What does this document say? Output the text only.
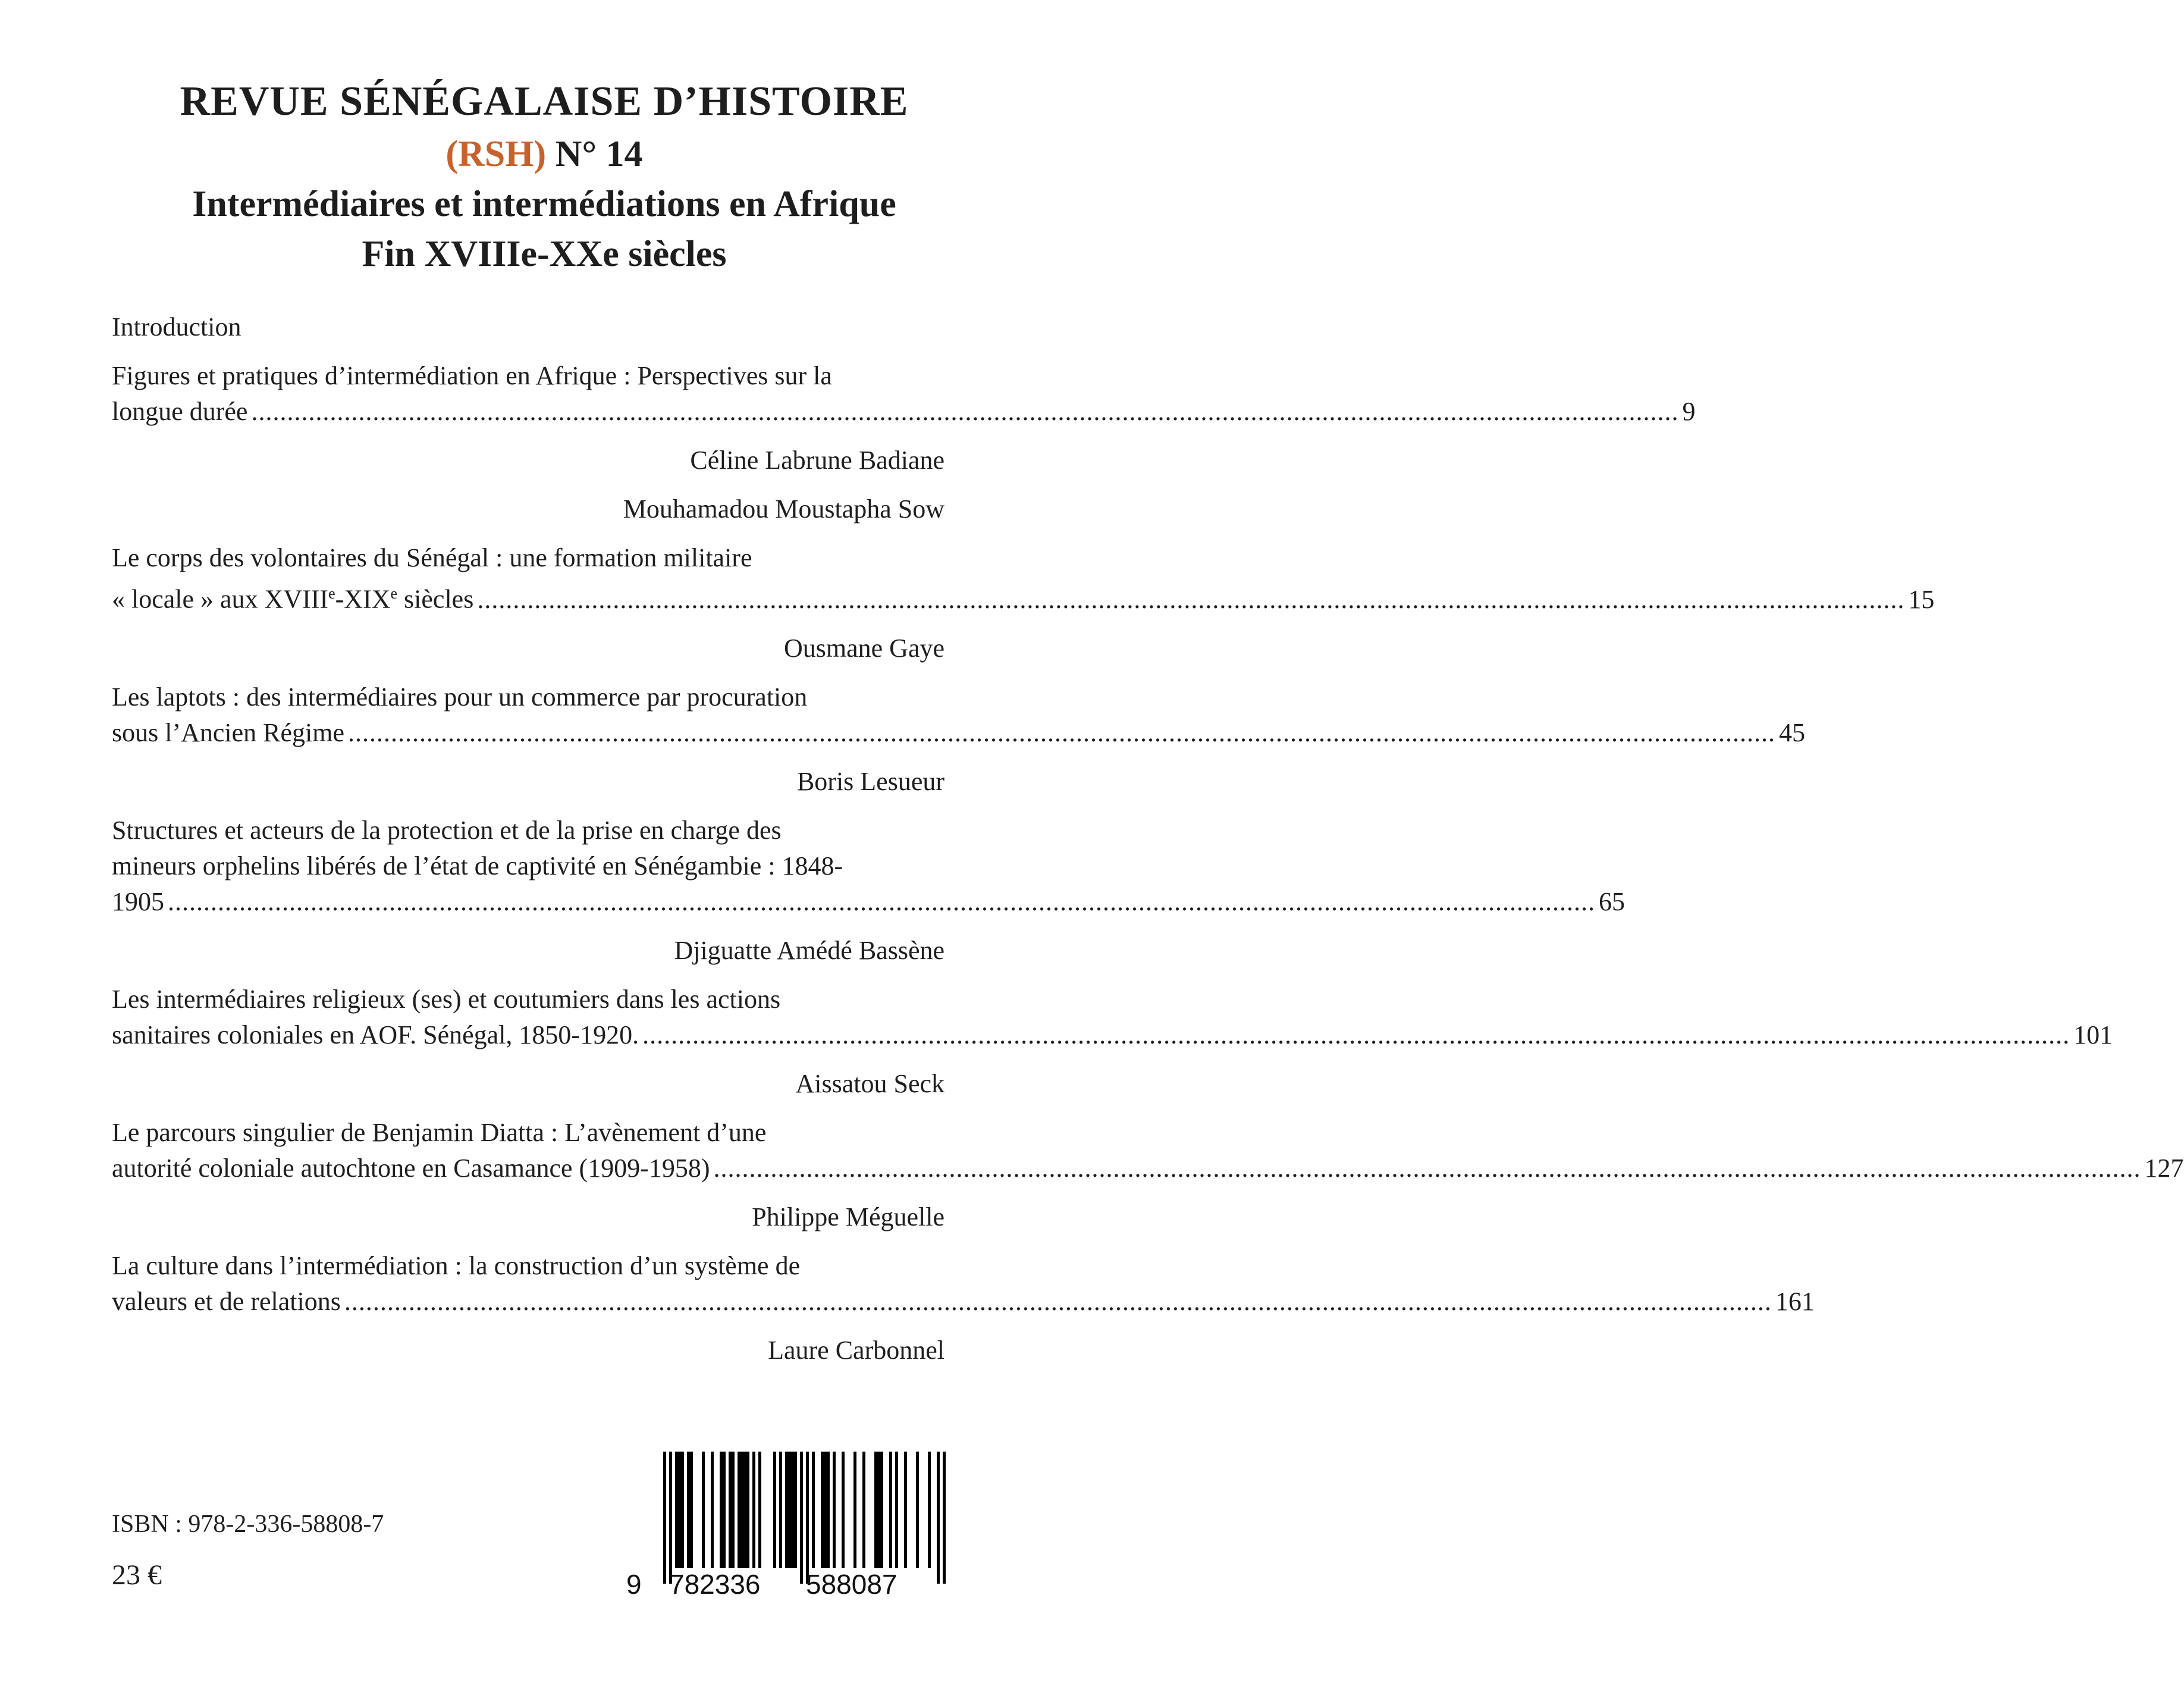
REVUE SÉNÉGALAISE D’HISTOIRE
(RSH) N° 14
Intermédiaires et intermédiations en Afrique
Fin XVIIIe-XXe siècles
Introduction
Figures et pratiques d’intermédiation en Afrique : Perspectives sur la
longue durée ........................................................................................................................................................................................................ 9
Céline Labrune Badiane
Mouhamadou Moustapha Sow
Le corps des volontaires du Sénégal : une formation militaire
« locale » aux XVIIIe-XIXe siècles ........................................................................................................................................................................................................ 15
Ousmane Gaye
Les laptots : des intermédiaires pour un commerce par procuration
sous l’Ancien Régime ........................................................................................................................................................................................................ 45
Boris Lesueur
Structures et acteurs de la protection et de la prise en charge des
mineurs orphelins libérés de l’état de captivité en Sénégambie : 1848-
1905 ........................................................................................................................................................................................................ 65
Djiguatte Amédé Bassène
Les intermédiaires religieux (ses) et coutumiers dans les actions
sanitaires coloniales en AOF. Sénégal, 1850-1920. ........................................................................................................................................................................................................ 101
Aissatou Seck
Le parcours singulier de Benjamin Diatta : L’avènement d’une
autorité coloniale autochtone en Casamance (1909-1958) ........................................................................................................................................................................................................ 127
Philippe Méguelle
La culture dans l’intermédiation : la construction d’un système de
valeurs et de relations ........................................................................................................................................................................................................ 161
Laure Carbonnel
ISBN : 978-2-336-58808-7
23 €	9 782336 588087
